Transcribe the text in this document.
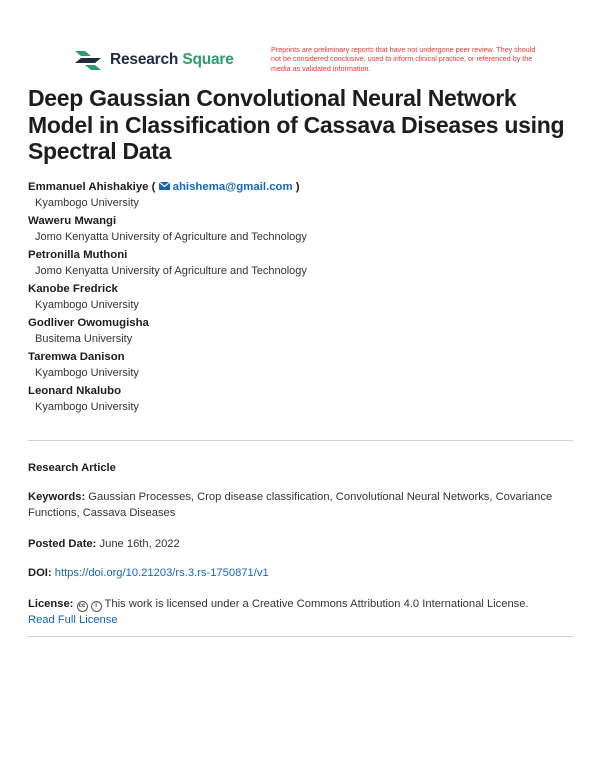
Research Square
Preprints are preliminary reports that have not undergone peer review. They should not be considered conclusive, used to inform clinical practice, or referenced by the media as validated information.
Deep Gaussian Convolutional Neural Network Model in Classification of Cassava Diseases using Spectral Data
Emmanuel Ahishakiye ( ahishema@gmail.com )
Kyambogo University
Waweru Mwangi
Jomo Kenyatta University of Agriculture and Technology
Petronilla Muthoni
Jomo Kenyatta University of Agriculture and Technology
Kanobe Fredrick
Kyambogo University
Godliver Owomugisha
Busitema University
Taremwa Danison
Kyambogo University
Leonard Nkalubo
Kyambogo University
Research Article
Keywords: Gaussian Processes, Crop disease classification, Convolutional Neural Networks, Covariance Functions, Cassava Diseases
Posted Date: June 16th, 2022
DOI: https://doi.org/10.21203/rs.3.rs-1750871/v1
License: cc i This work is licensed under a Creative Commons Attribution 4.0 International License.
Read Full License
